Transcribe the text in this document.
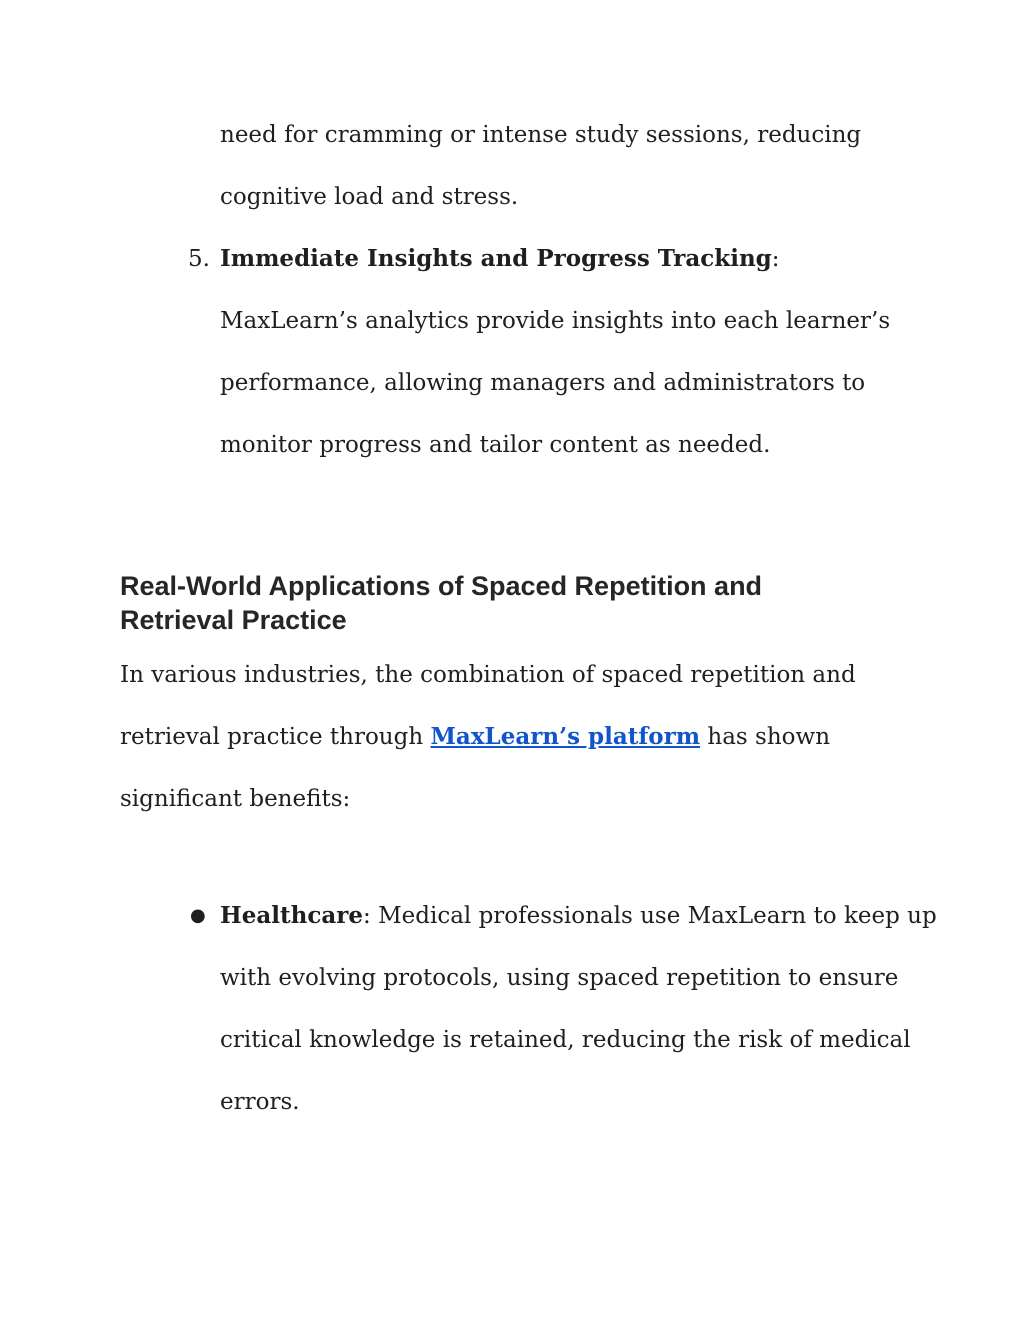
need for cramming or intense study sessions, reducing
cognitive load and stress.
5. Immediate Insights and Progress Tracking:
MaxLearn’s analytics provide insights into each learner’s
performance, allowing managers and administrators to
monitor progress and tailor content as needed.
Real-World Applications of Spaced Repetition and
Retrieval Practice
In various industries, the combination of spaced repetition and
retrieval practice through MaxLearn’s platform has shown
significant benefits:
● Healthcare: Medical professionals use MaxLearn to keep up
with evolving protocols, using spaced repetition to ensure
critical knowledge is retained, reducing the risk of medical
errors.
